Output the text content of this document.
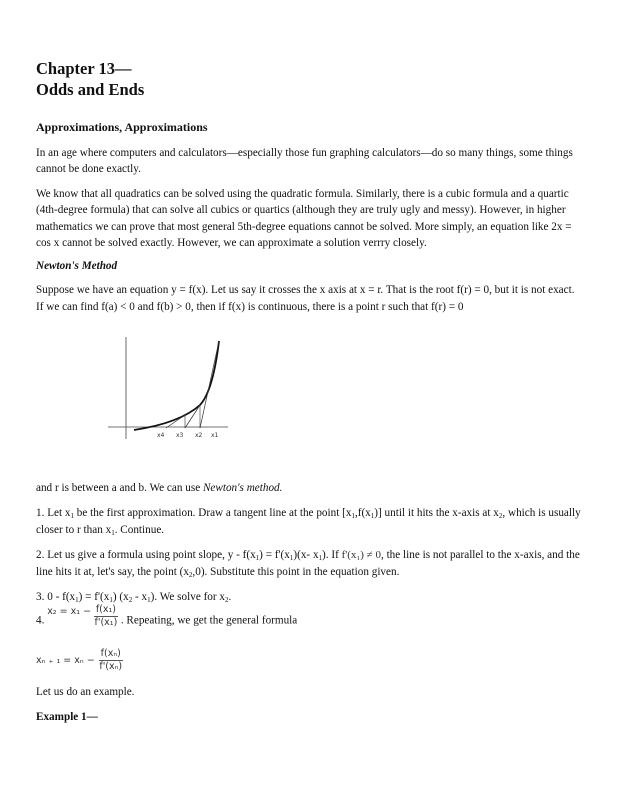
Chapter 13—
Odds and Ends
Approximations, Approximations

In an age where computers and calculators—especially those fun graphing calculators—do so many things, some things cannot be done exactly.

We know that all quadratics can be solved using the quadratic formula. Similarly, there is a cubic formula and a quartic (4th-degree formula) that can solve all cubics or quartics (although they are truly ugly and messy). However, in higher mathematics we can prove that most general 5th-degree equations cannot be solved. More simply, an equation like 2x = cos x cannot be solved exactly. However, we can approximate a solution verrry closely.

Newton's Method

Suppose we have an equation y = f(x). Let us say it crosses the x axis at x = r. That is the root f(r) = 0, but it is not exact. If we can find f(a) < 0 and f(b) > 0, then if f(x) is continuous, there is a point r such that f(r) = 0

x4 x3 x2 x1

and r is between a and b. We can use Newton's method.

1. Let $x_1$ be the first approximation. Draw a tangent line at the point $[x_1,f(x_1)]$ until it hits the x-axis at $x_2$, which is usually closer to r than $x_1$. Continue.

2. Let us give a formula using point slope, $y - f(x_1) = f'(x_1)(x-$ $x_1$). If f'(x₁) ≠ 0, the line is not parallel to the x-axis, and the line hits it at, let's say, the point $(x_2,0)$. Substitute this point in the equation given.

3. $0 - f(x_1) = f'(x_1)$ $(x_2 - x_1)$. We solve for $x_2$.

4. $^{x_2 = x_1 -} \frac{\text{f(x₁)}}{\text{f'(x₁)}}$ . Repeating, we get the general formula
xₙ ₊ $_1 = x_n - \frac{\text{f(xₙ)}}{\text{f'(xₙ)}}$

Let us do an example.

Example 1—
